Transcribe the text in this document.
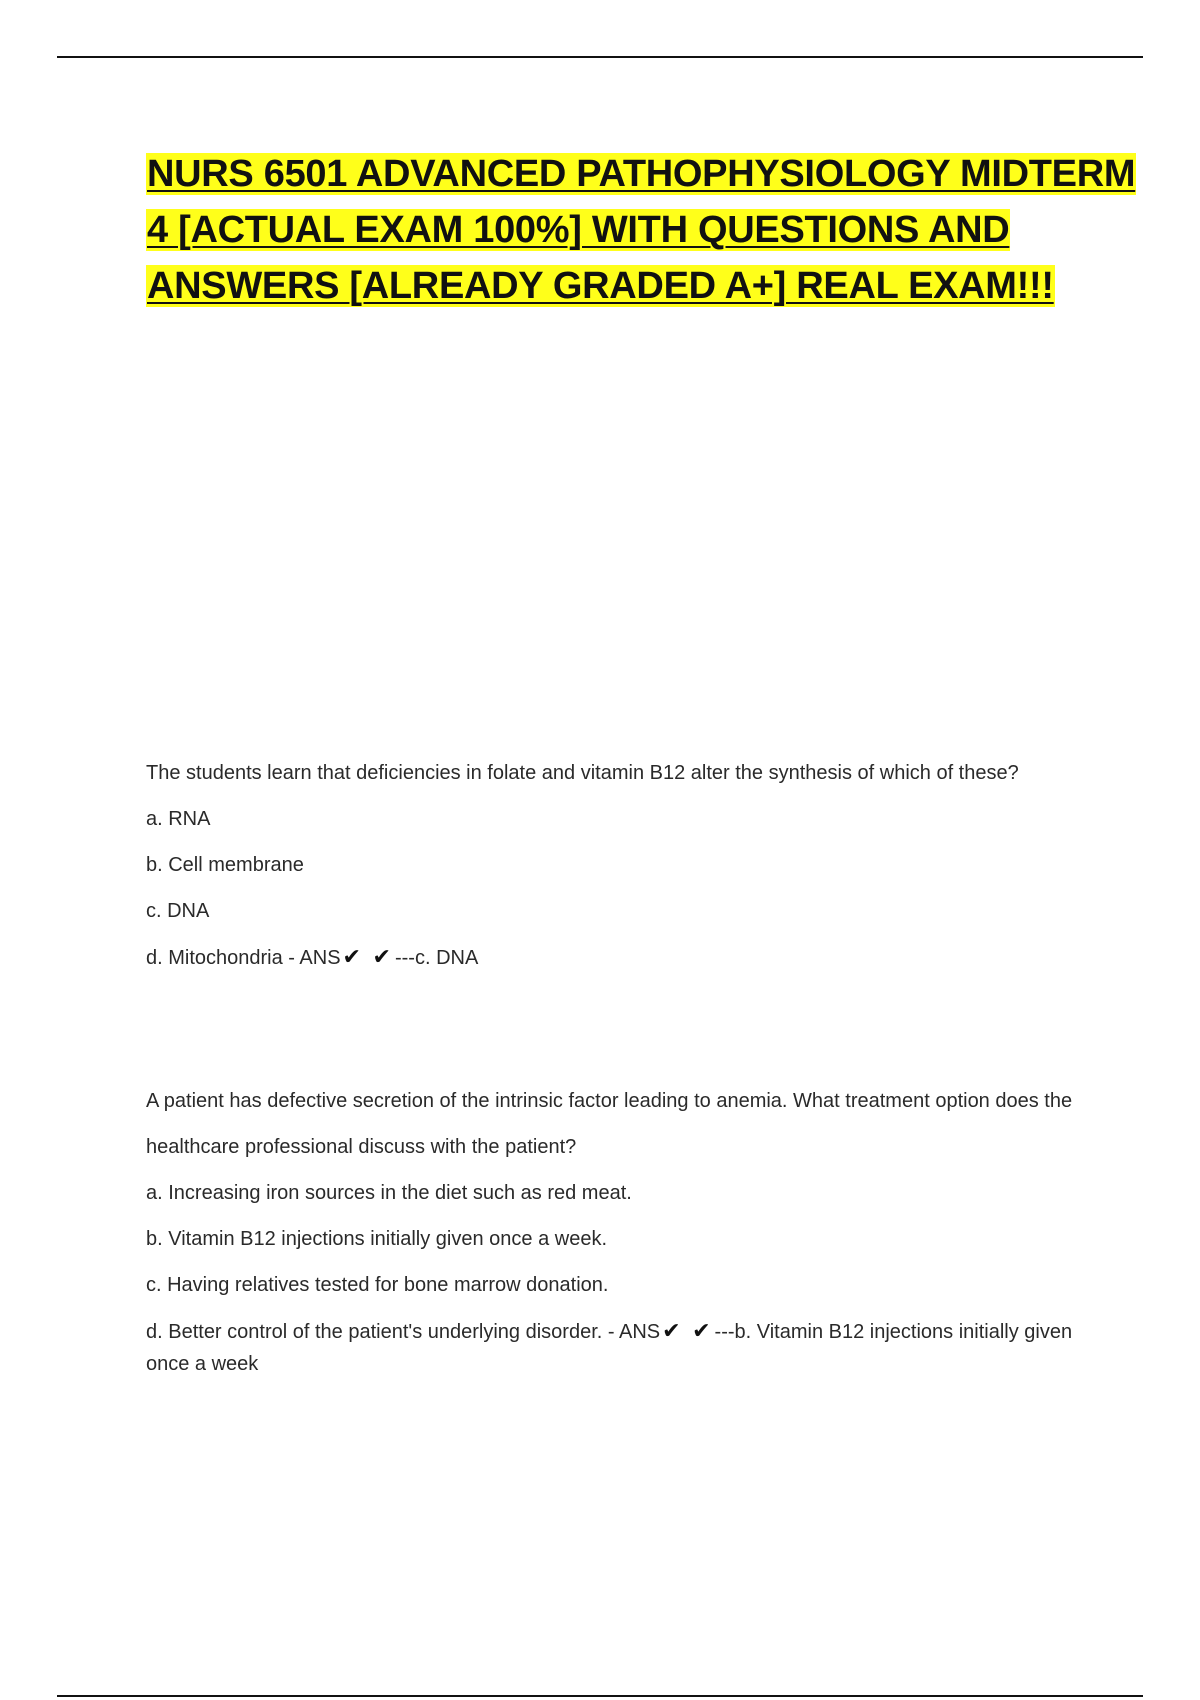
NURS 6501 ADVANCED PATHOPHYSIOLOGY MIDTERM 4 [ACTUAL EXAM 100%] WITH QUESTIONS AND ANSWERS [ALREADY GRADED A+] REAL EXAM!!!

The students learn that deficiencies in folate and vitamin B12 alter the synthesis of which of these?

a. RNA

b. Cell membrane

c. DNA

d. Mitochondria - ANS✔ ✔ ---c. DNA

A patient has defective secretion of the intrinsic factor leading to anemia. What treatment option does the healthcare professional discuss with the patient?

a. Increasing iron sources in the diet such as red meat.

b. Vitamin B12 injections initially given once a week.

c. Having relatives tested for bone marrow donation.

d. Better control of the patient's underlying disorder. - ANS✔ ✔ ---b. Vitamin B12 injections initially given once a week
